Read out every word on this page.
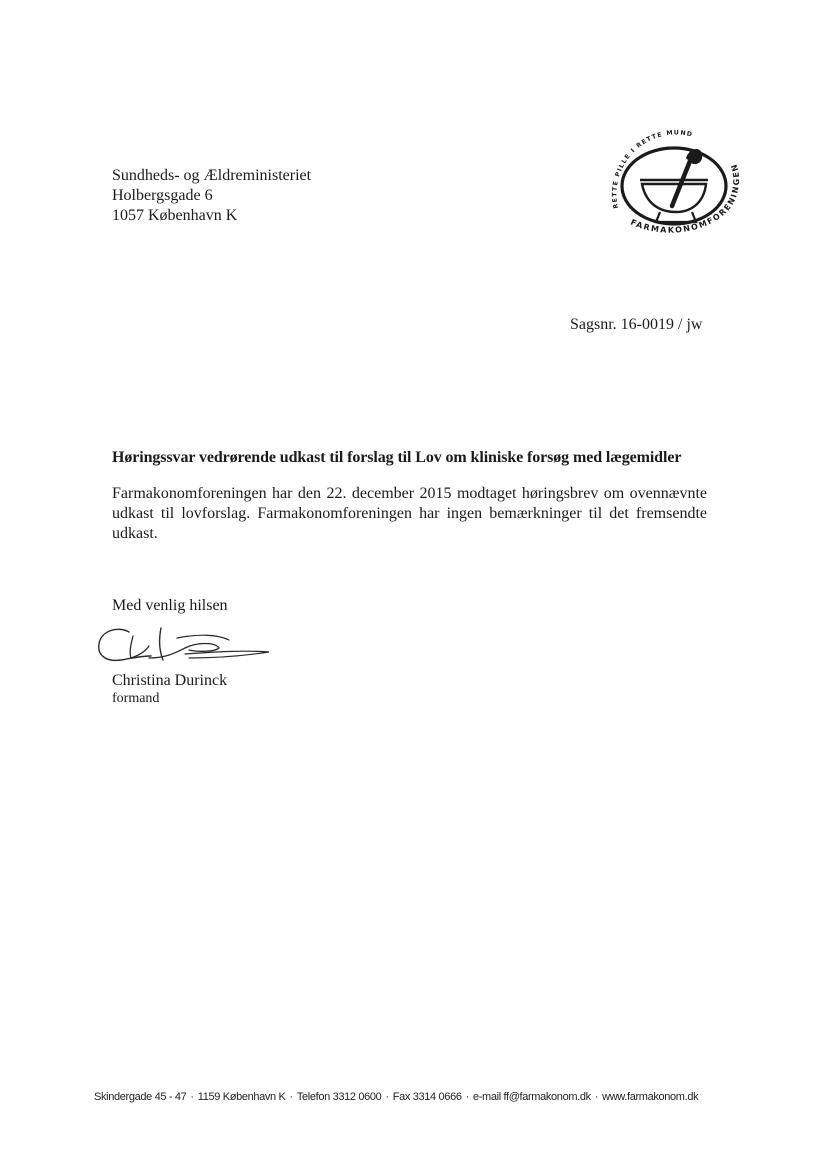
Sundheds- og Ældreministeriet
Holbergsgade 6
1057 København K
RETTE PILLE I RETTE MUND
FARMAKONOMFORENINGEN
Sagsnr. 16-0019 / jw
Høringssvar vedrørende udkast til forslag til Lov om kliniske forsøg med lægemidler
Farmakonomforeningen har den 22. december 2015 modtaget høringsbrev om ovennævnte udkast til lovforslag. Farmakonomforeningen har ingen bemærkninger til det fremsendte udkast.
Med venlig hilsen
Christina Durinck
formand
Skindergade 45 - 47 · 1159 København K · Telefon 3312 0600 · Fax 3314 0666 · e-mail ff@farmakonom.dk · www.farmakonom.dk
